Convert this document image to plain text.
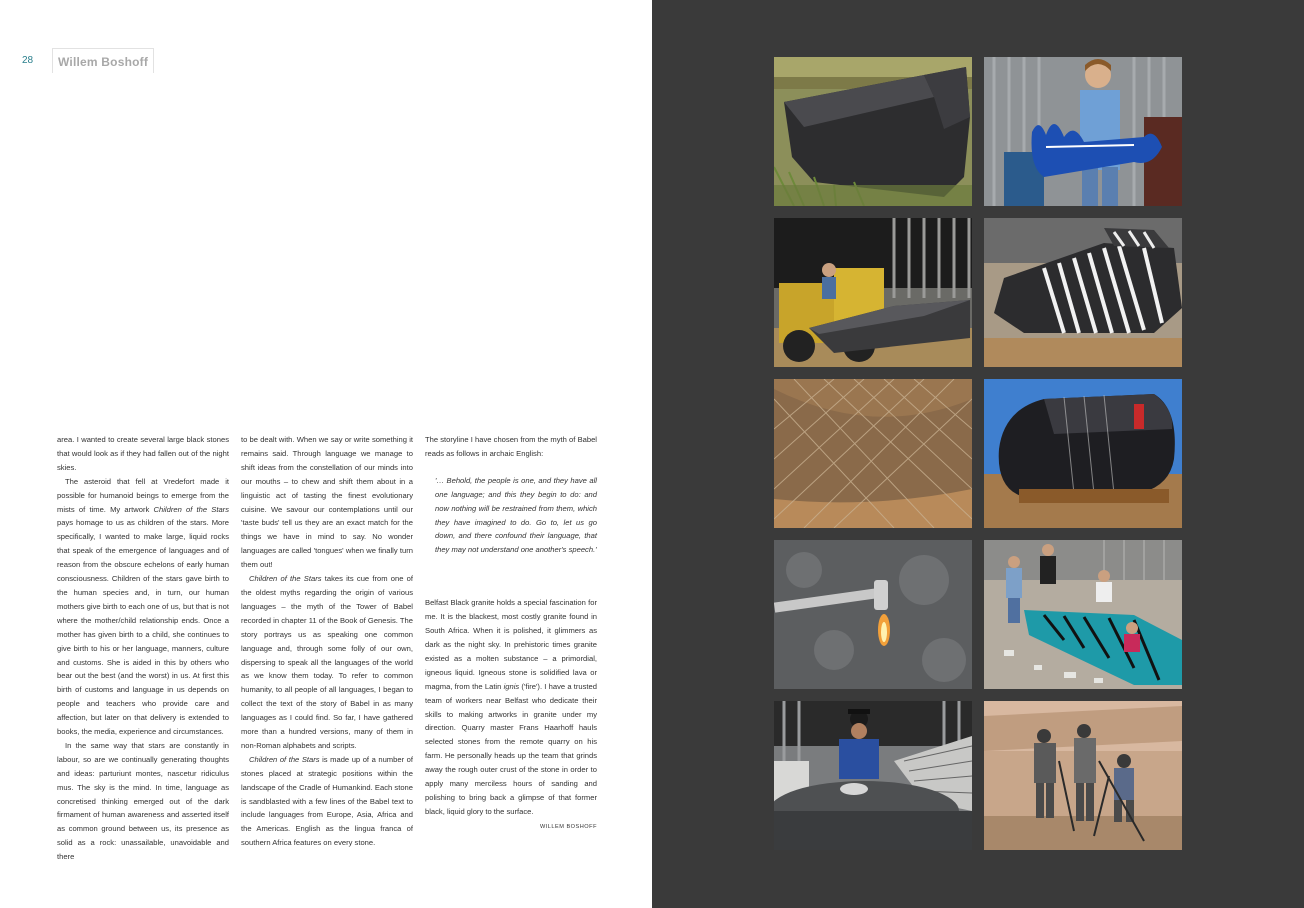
28	Willem Boshoff

area. I wanted to create several large black stones that would look as if they had fallen out of the night skies.

The asteroid that fell at Vredefort made it possible for humanoid beings to emerge from the mists of time. My artwork Children of the Stars pays homage to us as children of the stars. More specifically, I wanted to make large, liquid rocks that speak of the emergence of languages and of reason from the obscure echelons of early human consciousness. Children of the stars gave birth to the human species and, in turn, our human mothers give birth to each one of us, but that is not where the mother/child relationship ends. Once a mother has given birth to a child, she continues to give birth to his or her language, manners, culture and customs. She is aided in this by others who bear out the best (and the worst) in us. At first this birth of customs and language in us depends on people and teachers who provide care and affection, but later on that delivery is extended to books, the media, experience and circumstances.

In the same way that stars are constantly in labour, so are we continually generating thoughts and ideas: parturiunt montes, nascetur ridiculus mus. The sky is the mind. In time, language as concretised thinking emerged out of the dark firmament of human awareness and asserted itself as common ground between us, its presence as solid as a rock: unassailable, unavoidable and there

to be dealt with. When we say or write something it remains said. Through language we manage to shift ideas from the constellation of our minds into our mouths – to chew and shift them about in a linguistic act of tasting the finest evolutionary cuisine. We savour our contemplations until our 'taste buds' tell us they are an exact match for the things we have in mind to say. No wonder languages are called 'tongues' when we finally turn them out!

Children of the Stars takes its cue from one of the oldest myths regarding the origin of various languages – the myth of the Tower of Babel recorded in chapter 11 of the Book of Genesis. The story portrays us as speaking one common language and, through some folly of our own, dispersing to speak all the languages of the world as we know them today. To refer to common humanity, to all people of all languages, I began to collect the text of the story of Babel in as many languages as I could find. So far, I have gathered more than a hundred versions, many of them in non-Roman alphabets and scripts.

Children of the Stars is made up of a number of stones placed at strategic positions within the landscape of the Cradle of Humankind. Each stone is sandblasted with a few lines of the Babel text to include languages from Europe, Asia, Africa and the Americas. English as the lingua franca of southern Africa features on every stone.

The storyline I have chosen from the myth of Babel reads as follows in archaic English:

'… Behold, the people is one, and they have all one language; and this they begin to do: and now nothing will be restrained from them, which they have imagined to do. Go to, let us go down, and there confound their language, that they may not understand one another's speech.'

Belfast Black granite holds a special fascination for me. It is the blackest, most costly granite found in South Africa. When it is polished, it glimmers as dark as the night sky. In prehistoric times granite existed as a molten substance – a primordial, igneous liquid. Igneous stone is solidified lava or magma, from the Latin ignis ('fire'). I have a trusted team of workers near Belfast who dedicate their skills to making artworks in granite under my direction. Quarry master Frans Haarhoff hauls selected stones from the remote quarry on his farm. He personally heads up the team that grinds away the rough outer crust of the stone in order to apply many merciless hours of sanding and polishing to bring back a glimpse of that former black, liquid glory to the surface.

WILLEM BOSHOFF
